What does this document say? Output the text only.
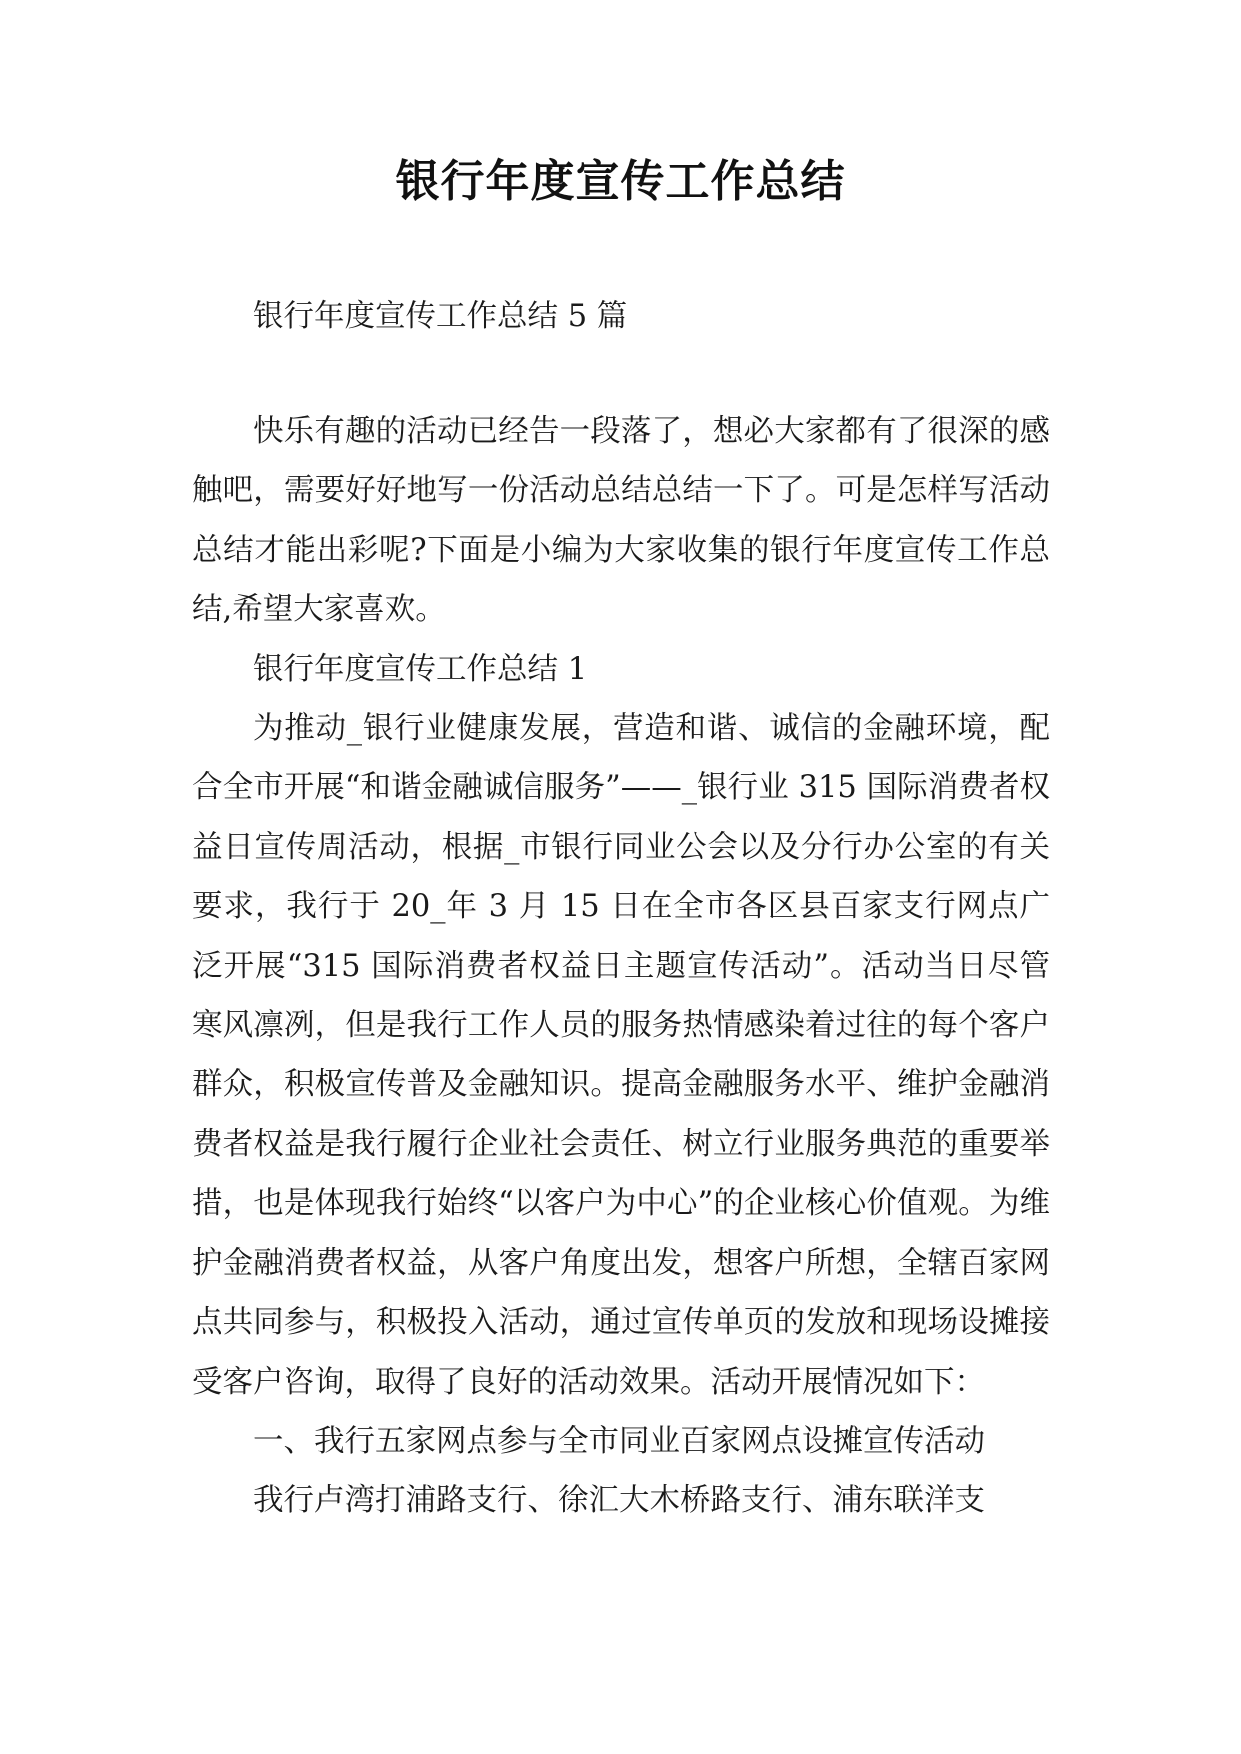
银行年度宣传工作总结

银行年度宣传工作总结 5 篇

快乐有趣的活动已经告一段落了，想必大家都有了很深的感触吧，需要好好地写一份活动总结总结一下了。可是怎样写活动总结才能出彩呢?下面是小编为大家收集的银行年度宣传工作总结,希望大家喜欢。

银行年度宣传工作总结 1

为推动_银行业健康发展，营造和谐、诚信的金融环境，配合全市开展“和谐金融诚信服务”——_银行业 315 国际消费者权益日宣传周活动，根据_市银行同业公会以及分行办公室的有关要求，我行于 20_年 3 月 15 日在全市各区县百家支行网点广泛开展“315 国际消费者权益日主题宣传活动”。活动当日尽管寒风凛冽，但是我行工作人员的服务热情感染着过往的每个客户群众，积极宣传普及金融知识。提高金融服务水平、维护金融消费者权益是我行履行企业社会责任、树立行业服务典范的重要举措，也是体现我行始终“以客户为中心”的企业核心价值观。为维护金融消费者权益，从客户角度出发，想客户所想，全辖百家网点共同参与，积极投入活动，通过宣传单页的发放和现场设摊接受客户咨询，取得了良好的活动效果。活动开展情况如下：

一、我行五家网点参与全市同业百家网点设摊宣传活动

我行卢湾打浦路支行、徐汇大木桥路支行、浦东联洋支
